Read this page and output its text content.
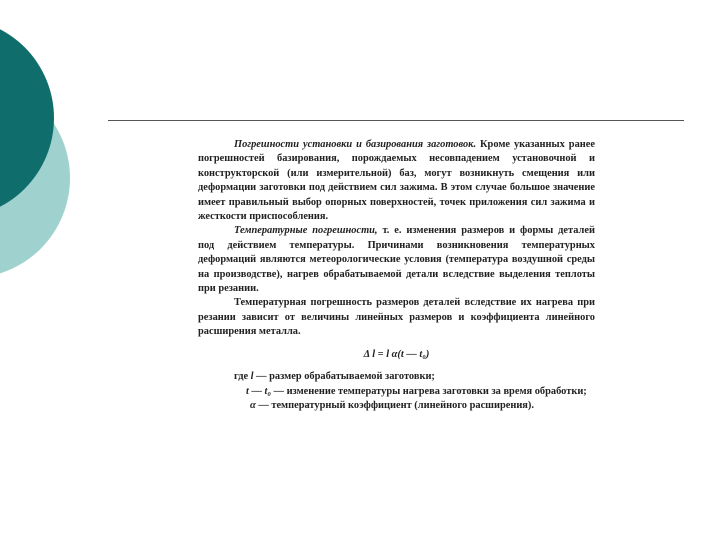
Погрешности установки и базирования заготовок. Кроме указанных ранее погрешностей базирования, порождаемых несовпадением установочной и конструкторской (или измерительной) баз, могут возникнуть смещения или деформации заготовки под действием сил зажима. В этом случае большое значение имеет правильный выбор опорных поверхностей, точек приложения сил зажима и жесткости приспособления.

Температурные погрешности, т. е. изменения размеров и формы деталей под действием температуры. Причинами возникновения температурных деформаций являются метеорологические условия (температура воздушной среды на производстве), нагрев обрабатываемой детали вследствие выделения теплоты при резании.

Температурная погрешность размеров деталей вследствие их нагрева при резании зависит от величины линейных размеров и коэффициента линейного расширения металла.

Δ l = l α(t — t₀)

где l — размер обрабатываемой заготовки;

t — t₀ — изменение температуры нагрева заготовки за время обработки;

α — температурный коэффициент (линейного расширения).
